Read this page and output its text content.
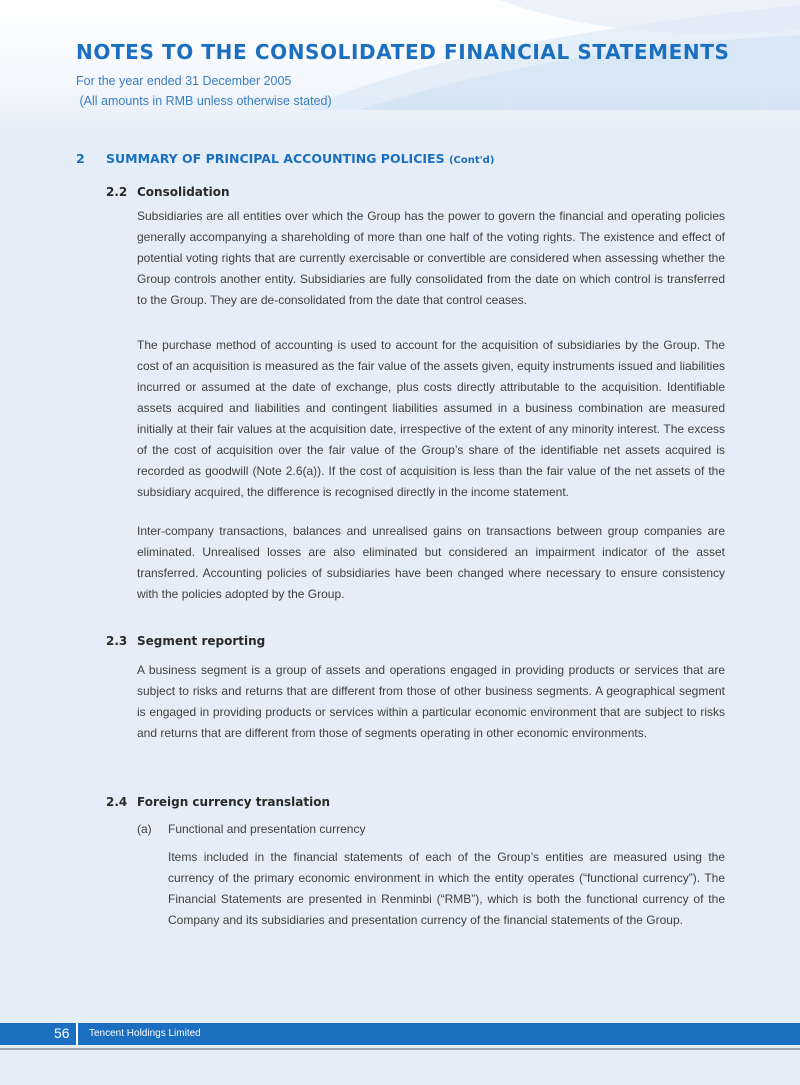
NOTES TO THE CONSOLIDATED FINANCIAL STATEMENTS
For the year ended 31 December 2005
(All amounts in RMB unless otherwise stated)
2 SUMMARY OF PRINCIPAL ACCOUNTING POLICIES (Cont'd)
2.2 Consolidation

Subsidiaries are all entities over which the Group has the power to govern the financial and operating policies generally accompanying a shareholding of more than one half of the voting rights. The existence and effect of potential voting rights that are currently exercisable or convertible are considered when assessing whether the Group controls another entity. Subsidiaries are fully consolidated from the date on which control is transferred to the Group. They are de-consolidated from the date that control ceases.

The purchase method of accounting is used to account for the acquisition of subsidiaries by the Group. The cost of an acquisition is measured as the fair value of the assets given, equity instruments issued and liabilities incurred or assumed at the date of exchange, plus costs directly attributable to the acquisition. Identifiable assets acquired and liabilities and contingent liabilities assumed in a business combination are measured initially at their fair values at the acquisition date, irrespective of the extent of any minority interest. The excess of the cost of acquisition over the fair value of the Group’s share of the identifiable net assets acquired is recorded as goodwill (Note 2.6(a)). If the cost of acquisition is less than the fair value of the net assets of the subsidiary acquired, the difference is recognised directly in the income statement.

Inter-company transactions, balances and unrealised gains on transactions between group companies are eliminated. Unrealised losses are also eliminated but considered an impairment indicator of the asset transferred. Accounting policies of subsidiaries have been changed where necessary to ensure consistency with the policies adopted by the Group.

2.3 Segment reporting

A business segment is a group of assets and operations engaged in providing products or services that are subject to risks and returns that are different from those of other business segments. A geographical segment is engaged in providing products or services within a particular economic environment that are subject to risks and returns that are different from those of segments operating in other economic environments.

2.4 Foreign currency translation
(a) Functional and presentation currency

Items included in the financial statements of each of the Group’s entities are measured using the currency of the primary economic environment in which the entity operates (“functional currency”). The Financial Statements are presented in Renminbi (“RMB”), which is both the functional currency of the Company and its subsidiaries and presentation currency of the financial statements of the Group.

56 Tencent Holdings Limited
